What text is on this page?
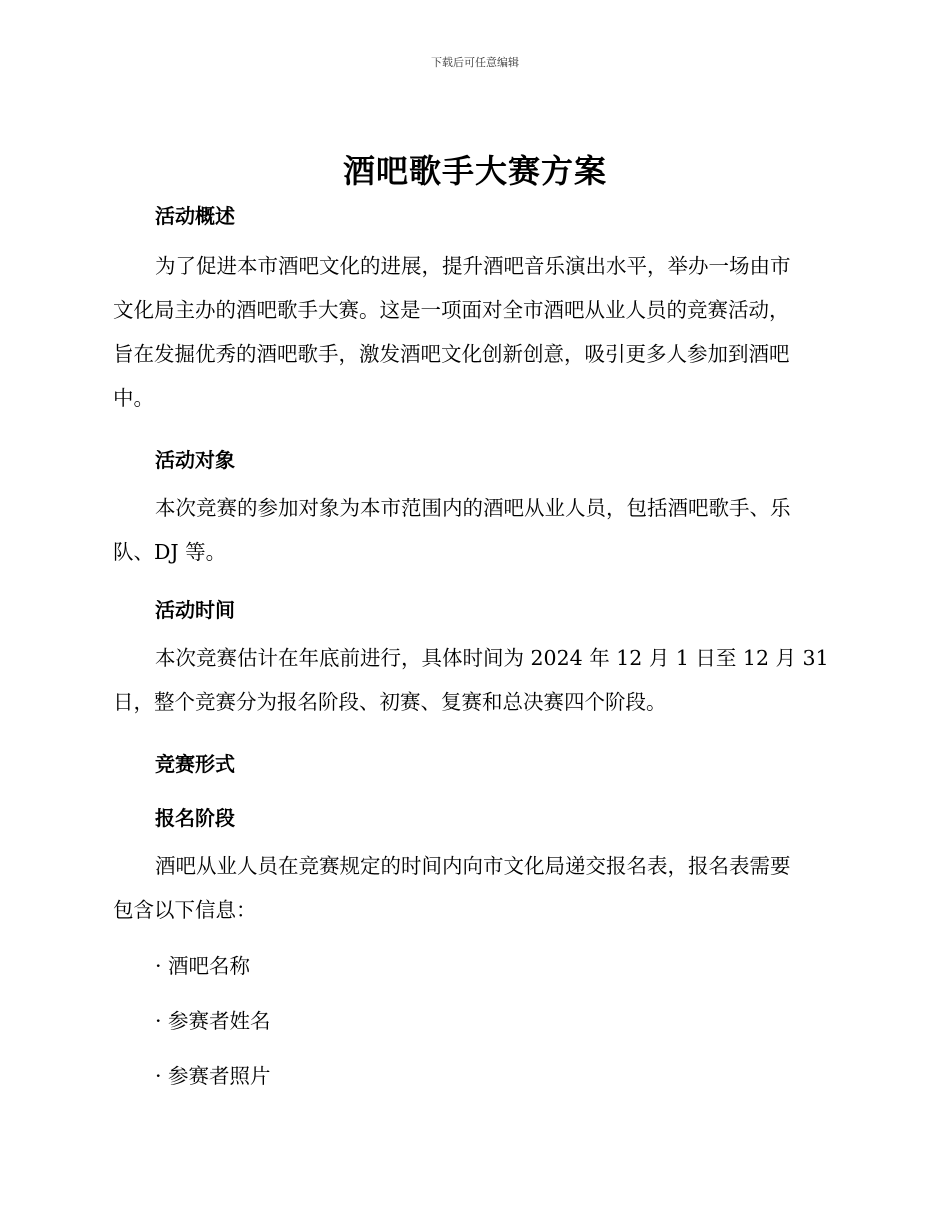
下载后可任意编辑
酒吧歌手大赛方案
活动概述

为了促进本市酒吧文化的进展，提升酒吧音乐演出水平，举办一场由市
文化局主办的酒吧歌手大赛。这是一项面对全市酒吧从业人员的竞赛活动，
旨在发掘优秀的酒吧歌手，激发酒吧文化创新创意，吸引更多人参加到酒吧
中。

活动对象

本次竞赛的参加对象为本市范围内的酒吧从业人员，包括酒吧歌手、乐
队、DJ 等。

活动时间

本次竞赛估计在年底前进行，具体时间为 2024 年 12 月 1 日至 12 月 31
日，整个竞赛分为报名阶段、初赛、复赛和总决赛四个阶段。

竞赛形式
报名阶段

酒吧从业人员在竞赛规定的时间内向市文化局递交报名表，报名表需要
包含以下信息：

· 酒吧名称

· 参赛者姓名

· 参赛者照片
